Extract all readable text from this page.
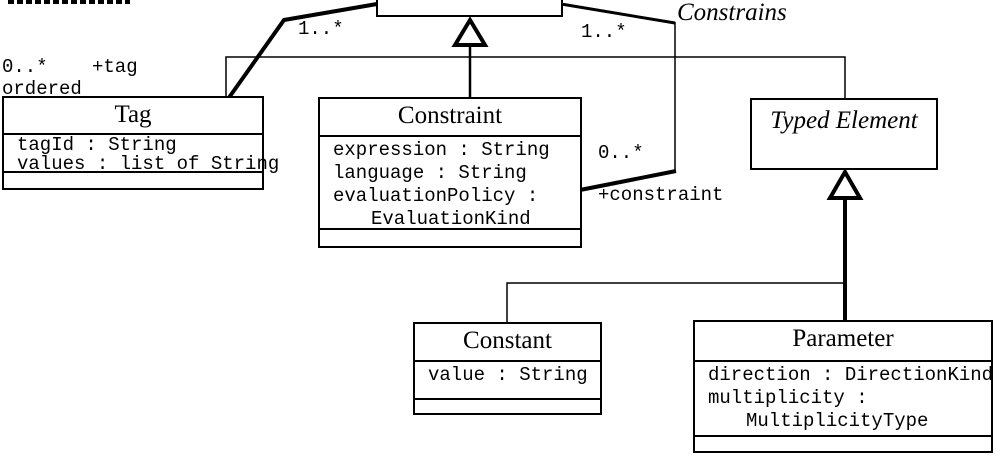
Tag
tagId : String
values : list of String
Constraint
expression : String
language : String
evaluationPolicy :
EvaluationKind
Typed Element
Constant
value : String
Parameter
direction : DirectionKind
multiplicity :
MultiplicityType
1..*	1..*
Constrains
0..* +tag
ordered
0..*
+constraint
